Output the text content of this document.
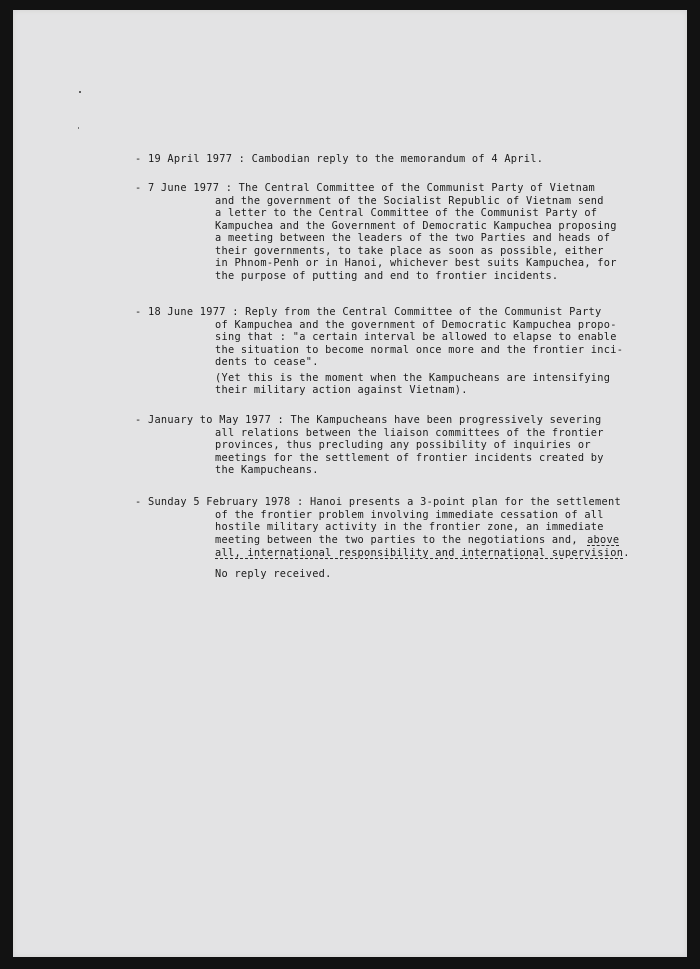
- 19 April 1977 : Cambodian reply to the memorandum of 4 April.
- 7 June 1977 : The Central Committee of the Communist Party of Vietnam
and the government of the Socialist Republic of Vietnam send
a letter to the Central Committee of the Communist Party of
Kampuchea and the Government of Democratic Kampuchea proposing
a meeting between the leaders of the two Parties and heads of
their governments, to take place as soon as possible, either
in Phnom-Penh or in Hanoi, whichever best suits Kampuchea, for
the purpose of putting and end to frontier incidents.
- 18 June 1977 : Reply from the Central Committee of the Communist Party
of Kampuchea and the government of Democratic Kampuchea propo-
sing that : "a certain interval be allowed to elapse to enable
the situation to become normal once more and the frontier inci-
dents to cease".
(Yet this is the moment when the Kampucheans are intensifying
their military action against Vietnam).
- January to May 1977 : The Kampucheans have been progressively severing
all relations between the liaison committees of the frontier
provinces, thus precluding any possibility of inquiries or
meetings for the settlement of frontier incidents created by
the Kampucheans.
- Sunday 5 February 1978 : Hanoi presents a 3-point plan for the settlement
of the frontier problem involving immediate cessation of all
hostile military activity in the frontier zone, an immediate
meeting between the two parties to the negotiations and, above
all, international responsibility and international supervision.
No reply received.
